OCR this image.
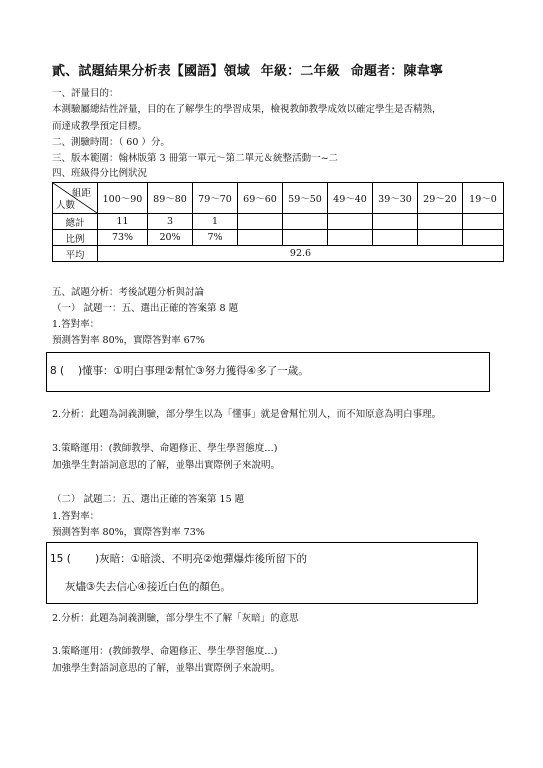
貳、試題結果分析表【國語】領域 年級：二年級 命題者：陳韋寧
一、評量目的：
本測驗屬總結性評量，目的在了解學生的學習成果，檢視教師教學成效以確定學生是否精熟，
而達成教學預定目標。
二、測驗時間：（ 60 ）分。
三、版本範圍：翰林版第 3 冊第一單元～第二單元＆統整活動一~二
四、班級得分比例狀況
組距
人數	100～90	89～80	79～70	69～60	59～50	49～40	39～30	29～20	19～0
總計	11	3	1						
比例	73%	20%	7%						
平均	92.6								
五、試題分析：考後試題分析與討論
（一） 試題一：五、選出正確的答案第 8 題
1.答對率：
預測答對率 80%，實際答對率 67%
8 (　 )懂事：①明白事理②幫忙③努力獲得④多了一歲。
2.分析：此題為詞義測驗，部分學生以為「懂事」就是會幫忙別人，而不知原意為明白事理。
3.策略運用：(教師教學、命題修正、學生學習態度…)
加強學生對語詞意思的了解，並舉出實際例子來說明。
（二） 試題二：五、選出正確的答案第 15 題
1.答對率：
預測答對率 80%，實際答對率 73%
15 (　 　)灰暗：①暗淡、不明亮②炮彈爆炸後所留下的
灰燼③失去信心④接近白色的顏色。
2.分析：此題為詞義測驗，部分學生不了解「灰暗」的意思
3.策略運用：(教師教學、命題修正、學生學習態度…)
加強學生對語詞意思的了解，並舉出實際例子來說明。
